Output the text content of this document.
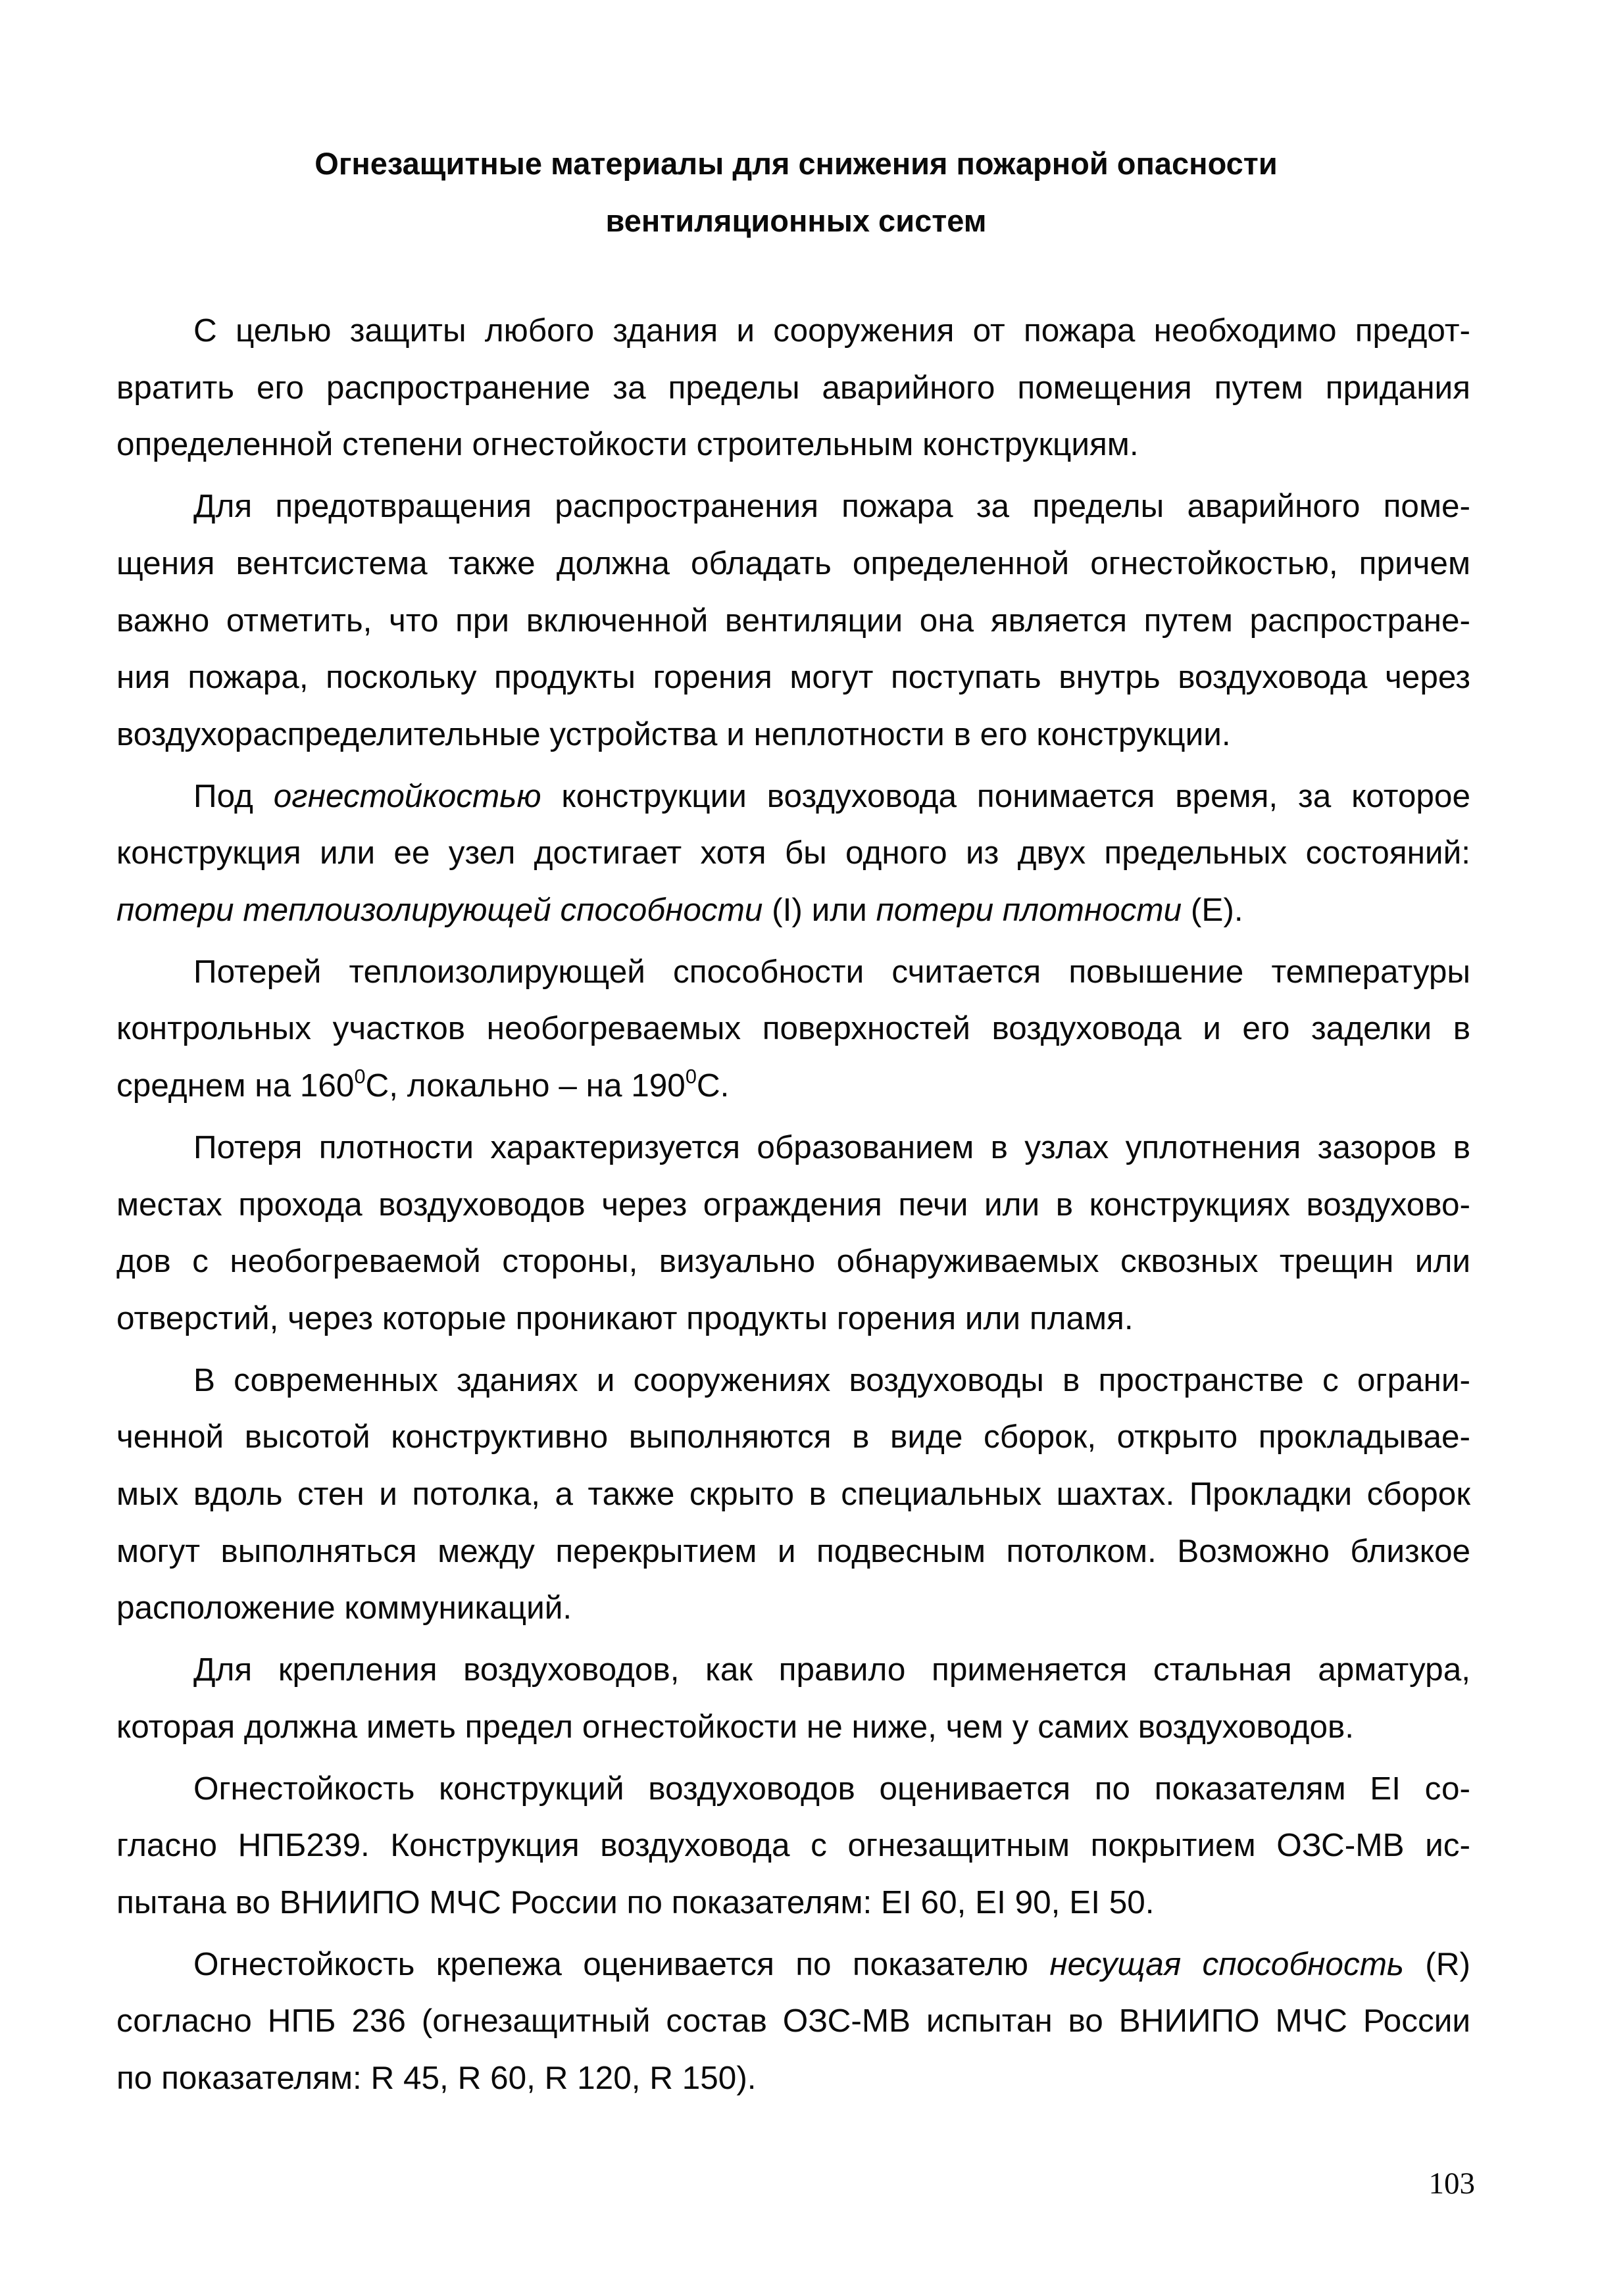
Огнезащитные материалы для снижения пожарной опасности
вентиляционных систем

С целью защиты любого здания и сооружения от пожара необходимо предот-
вратить его распространение за пределы аварийного помещения путем придания
определенной степени огнестойкости строительным конструкциям.

Для предотвращения распространения пожара за пределы аварийного поме-
щения вентсистема также должна обладать определенной огнестойкостью, причем
важно отметить, что при включенной вентиляции она является путем распростране-
ния пожара, поскольку продукты горения могут поступать внутрь воздуховода через
воздухораспределительные устройства и неплотности в его конструкции.

Под огнестойкостью конструкции воздуховода понимается время, за которое
конструкция или ее узел достигает хотя бы одного из двух предельных состояний:
потери теплоизолирующей способности (I) или потери плотности (E).

Потерей теплоизолирующей способности считается повышение температуры
контрольных участков необогреваемых поверхностей воздуховода и его заделки в
среднем на $160^0С$, локально – на $190^0С$.

Потеря плотности характеризуется образованием в узлах уплотнения зазоров в
местах прохода воздуховодов через ограждения печи или в конструкциях воздухово-
дов с необогреваемой стороны, визуально обнаруживаемых сквозных трещин или
отверстий, через которые проникают продукты горения или пламя.

В современных зданиях и сооружениях воздуховоды в пространстве с ограни-
ченной высотой конструктивно выполняются в виде сборок, открыто прокладывае-
мых вдоль стен и потолка, а также скрыто в специальных шахтах. Прокладки сборок
могут выполняться между перекрытием и подвесным потолком. Возможно близкое
расположение коммуникаций.

Для крепления воздуховодов, как правило применяется стальная арматура,
которая должна иметь предел огнестойкости не ниже, чем у самих воздуховодов.

Огнестойкость конструкций воздуховодов оценивается по показателям EI со-
гласно НПБ239. Конструкция воздуховода с огнезащитным покрытием ОЗС-МВ ис-
пытана во ВНИИПО МЧС России по показателям: EI 60, EI 90, EI 50.

Огнестойкость крепежа оценивается по показателю несущая способность (R)
согласно НПБ 236 (огнезащитный состав ОЗС-МВ испытан во ВНИИПО МЧС России
по показателям: R 45, R 60, R 120, R 150).

103
